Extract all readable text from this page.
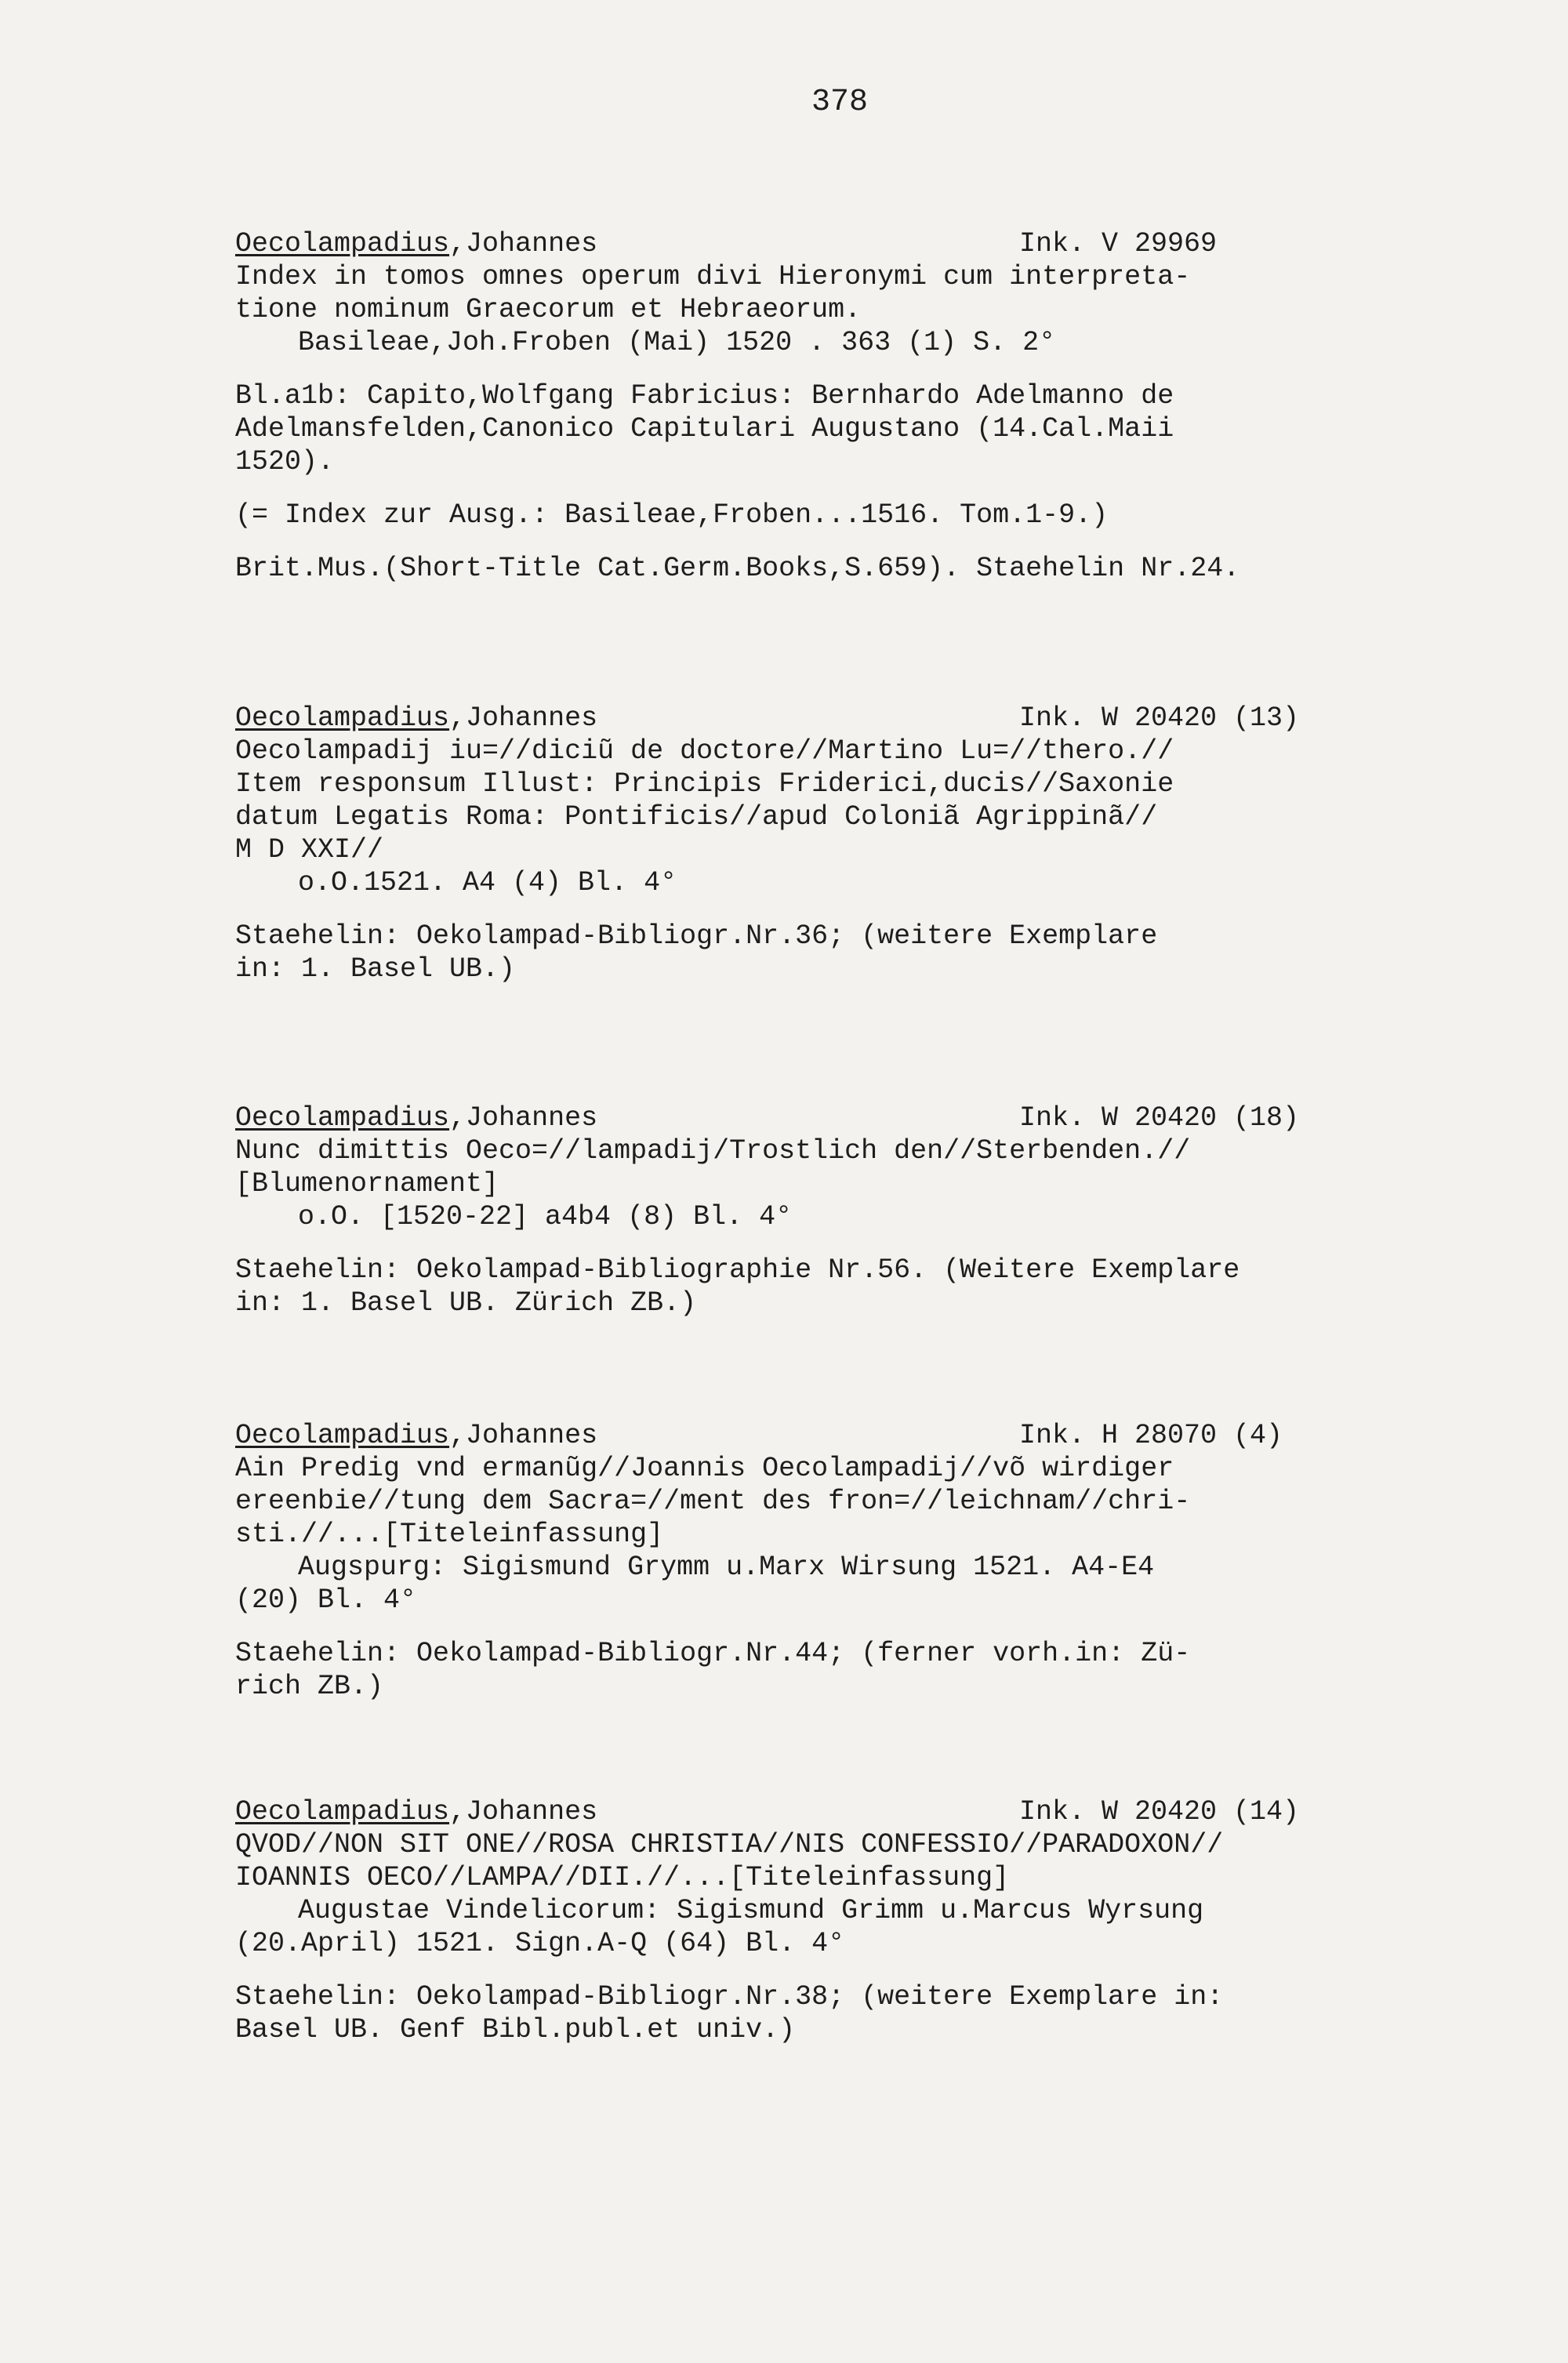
378
Oecolampadius,Johannes	Ink. V 29969
Index in tomos omnes operum divi Hieronymi cum interpreta-
tione nominum Graecorum et Hebraeorum.
Basileae,Joh.Froben (Mai) 1520 . 363 (1) S. 2°
Bl.a1b: Capito,Wolfgang Fabricius: Bernhardo Adelmanno de
Adelmansfelden,Canonico Capitulari Augustano (14.Cal.Maii
1520).
(= Index zur Ausg.: Basileae,Froben...1516. Tom.1-9.)
Brit.Mus.(Short-Title Cat.Germ.Books,S.659). Staehelin Nr.24.
Oecolampadius,Johannes	Ink. W 20420 (13)
Oecolampadij iu=//diciũ de doctore//Martino Lu=//thero.//
Item responsum Illust: Principis Friderici,ducis//Saxonie
datum Legatis Roma: Pontificis//apud Coloniã Agrippinã//
M D XXI//
o.O.1521. A4 (4) Bl. 4°
Staehelin: Oekolampad-Bibliogr.Nr.36; (weitere Exemplare
in: 1. Basel UB.)
Oecolampadius,Johannes	Ink. W 20420 (18)
Nunc dimittis Oeco=//lampadij/Trostlich den//Sterbenden.//
[Blumenornament]
o.O. [1520-22] a4b4 (8) Bl. 4°
Staehelin: Oekolampad-Bibliographie Nr.56. (Weitere Exemplare
in: 1. Basel UB. Zürich ZB.)
Oecolampadius,Johannes	Ink. H 28070 (4)
Ain Predig vnd ermanũg//Joannis Oecolampadij//võ wirdiger
ereenbie//tung dem Sacra=//ment des fron=//leichnam//chri-
sti.//...[Titeleinfassung]
Augspurg: Sigismund Grymm u.Marx Wirsung 1521. A4-E4
(20) Bl. 4°
Staehelin: Oekolampad-Bibliogr.Nr.44; (ferner vorh.in: Zü-
rich ZB.)
Oecolampadius,Johannes	Ink. W 20420 (14)
QVOD//NON SIT ONE//ROSA CHRISTIA//NIS CONFESSIO//PARADOXON//
IOANNIS OECO//LAMPA//DII.//...[Titeleinfassung]
Augustae Vindelicorum: Sigismund Grimm u.Marcus Wyrsung
(20.April) 1521. Sign.A-Q (64) Bl. 4°
Staehelin: Oekolampad-Bibliogr.Nr.38; (weitere Exemplare in:
Basel UB. Genf Bibl.publ.et univ.)
